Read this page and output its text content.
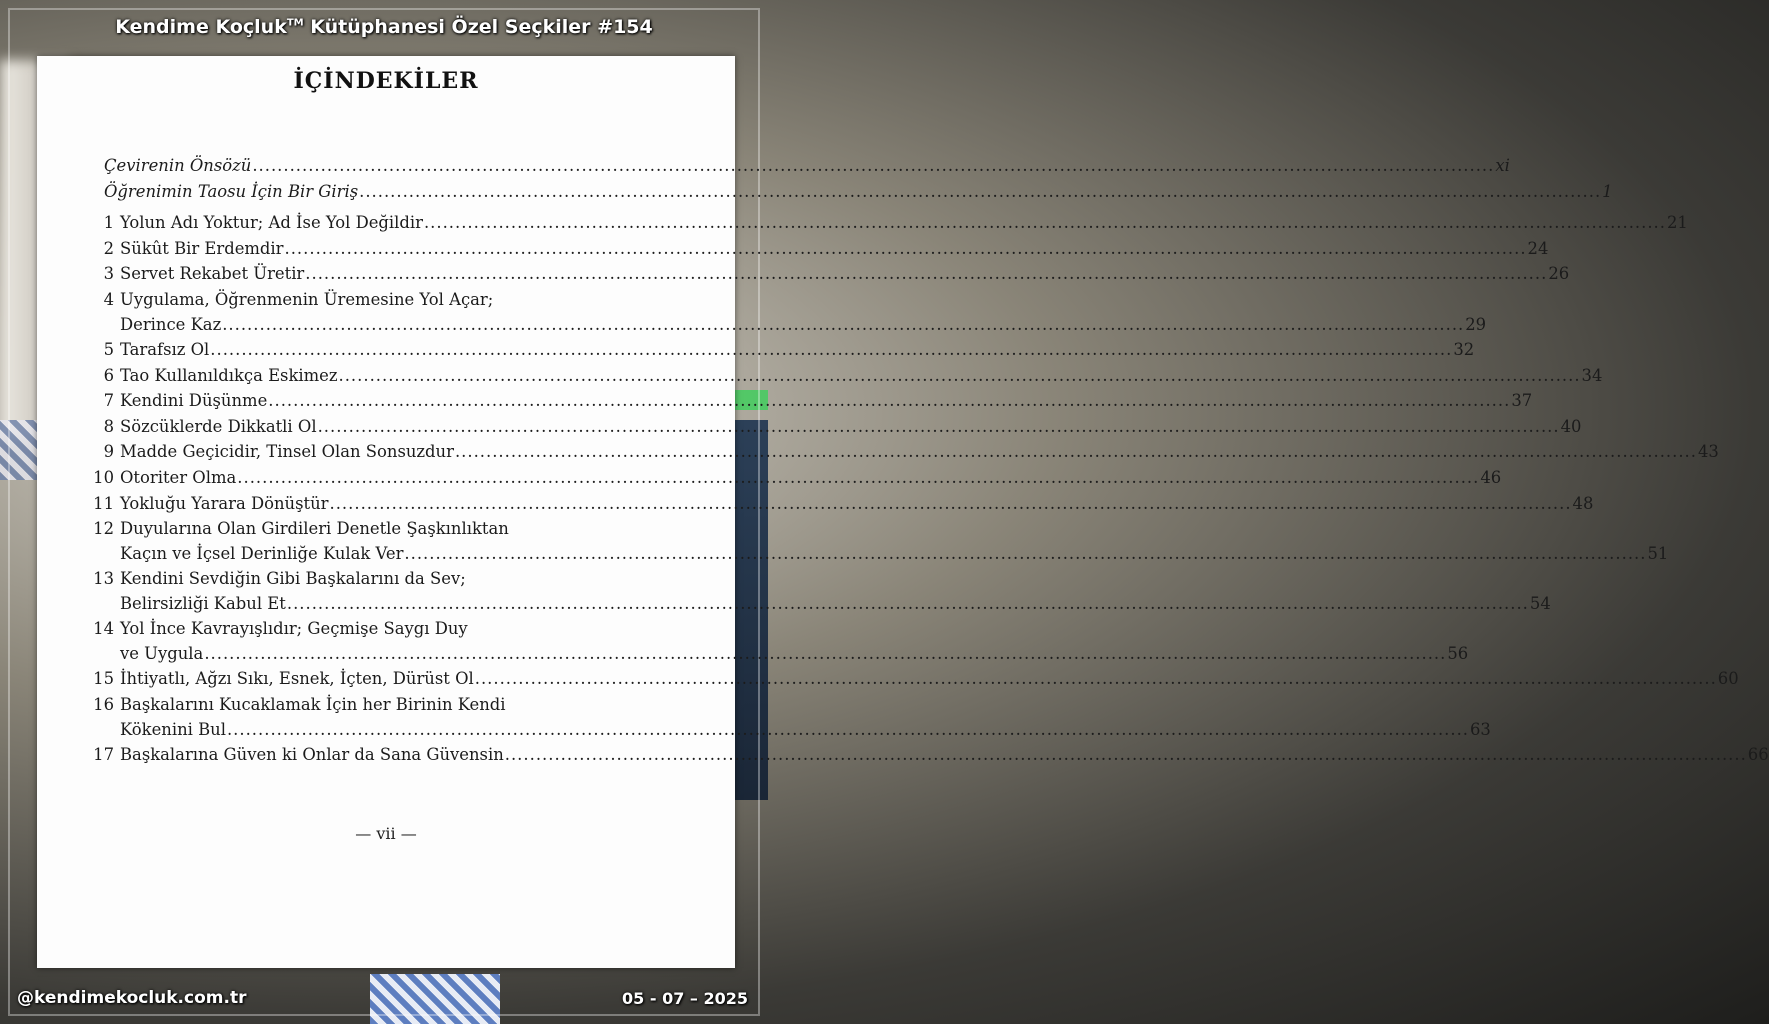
Kendime Koçluk™ Kütüphanesi Özel Seçkiler #154
İÇİNDEKİLER
Çevirenin Önsözü .....	xi
Öğrenimin Taosu İçin Bir Giriş .....	1
1 Yolun Adı Yoktur; Ad İse Yol Değildir .....	21
2 Sükût Bir Erdemdir .....	24
3 Servet Rekabet Üretir .....	26
4 Uygulama, Öğrenmenin Üremesine Yol Açar;
Derince Kaz .....	29
5 Tarafsız Ol .....	32
6 Tao Kullanıldıkça Eskimez .....	34
7 Kendini Düşünme .....	37
8 Sözcüklerde Dikkatli Ol .....	40
9 Madde Geçicidir, Tinsel Olan Sonsuzdur .....	43
10 Otoriter Olma .....	46
11 Yokluğu Yarara Dönüştür .....	48
12 Duyularına Olan Girdileri Denetle Şaşkınlıktan
Kaçın ve İçsel Derinliğe Kulak Ver .....	51
13 Kendini Sevdiğin Gibi Başkalarını da Sev;
Belirsizliği Kabul Et .....	54
14 Yol İnce Kavrayışlıdır; Geçmişe Saygı Duy
ve Uygula .....	56
15 İhtiyatlı, Ağzı Sıkı, Esnek, İçten, Dürüst Ol .....	60
16 Başkalarını Kucaklamak İçin her Birinin Kendi
Kökenini Bul .....	63
17 Başkalarına Güven ki Onlar da Sana Güvensin .....	66
— vii —
@kendimekocluk.com.tr	05 - 07 – 2025
